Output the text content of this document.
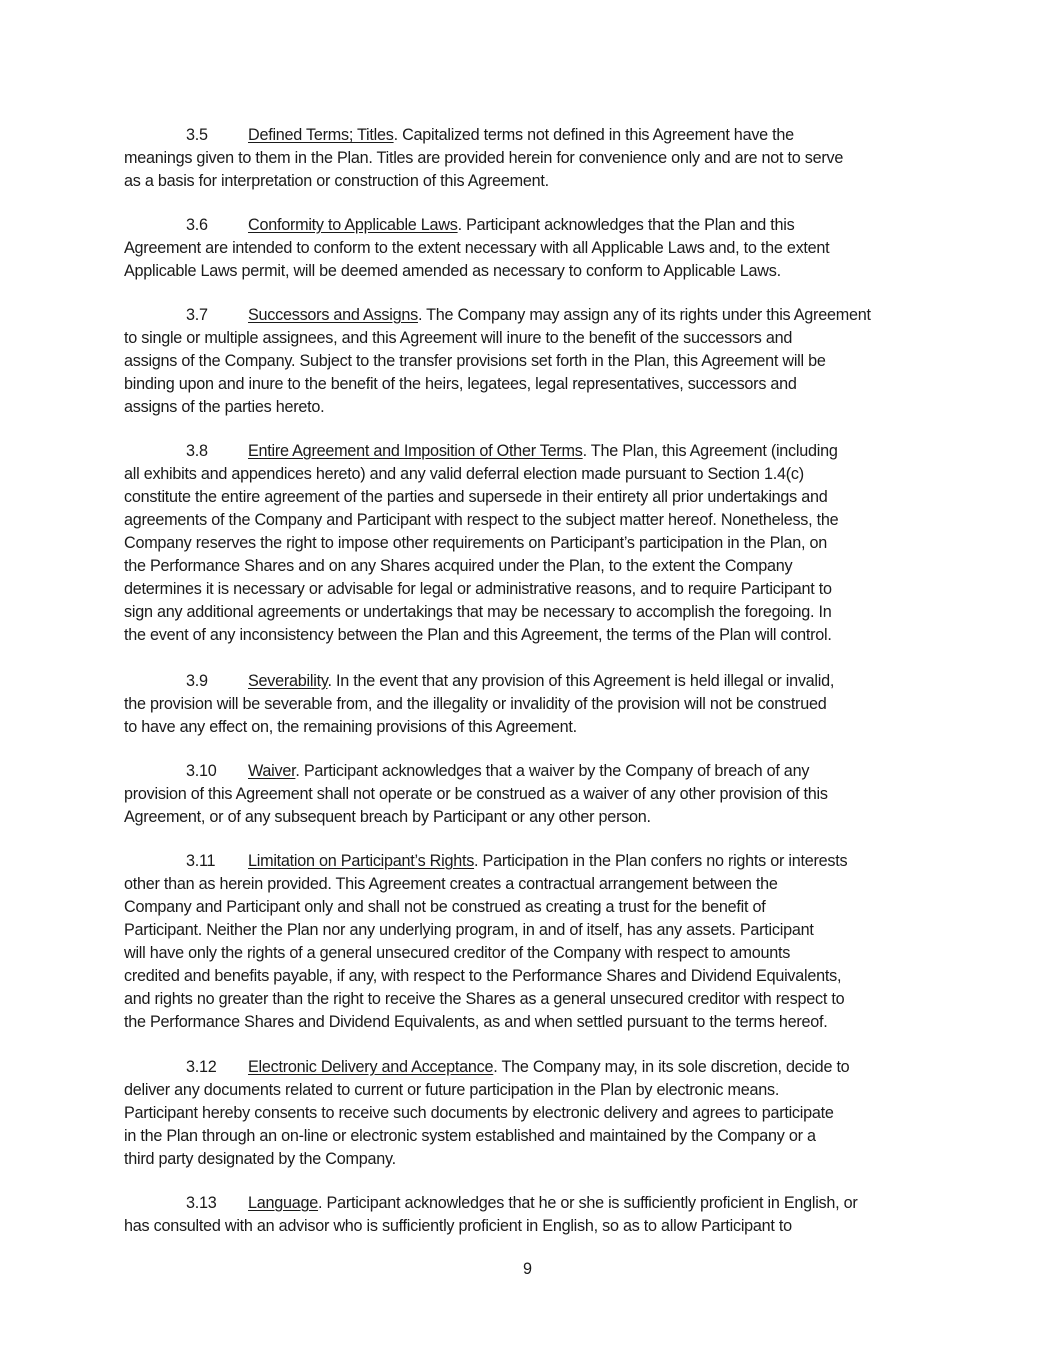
3.5 Defined Terms; Titles. Capitalized terms not defined in this Agreement have the
meanings given to them in the Plan. Titles are provided herein for convenience only and are not to serve
as a basis for interpretation or construction of this Agreement.
3.6 Conformity to Applicable Laws. Participant acknowledges that the Plan and this
Agreement are intended to conform to the extent necessary with all Applicable Laws and, to the extent
Applicable Laws permit, will be deemed amended as necessary to conform to Applicable Laws.
3.7 Successors and Assigns. The Company may assign any of its rights under this Agreement
to single or multiple assignees, and this Agreement will inure to the benefit of the successors and
assigns of the Company. Subject to the transfer provisions set forth in the Plan, this Agreement will be
binding upon and inure to the benefit of the heirs, legatees, legal representatives, successors and
assigns of the parties hereto.
3.8 Entire Agreement and Imposition of Other Terms. The Plan, this Agreement (including
all exhibits and appendices hereto) and any valid deferral election made pursuant to Section 1.4(c)
constitute the entire agreement of the parties and supersede in their entirety all prior undertakings and
agreements of the Company and Participant with respect to the subject matter hereof. Nonetheless, the
Company reserves the right to impose other requirements on Participant’s participation in the Plan, on
the Performance Shares and on any Shares acquired under the Plan, to the extent the Company
determines it is necessary or advisable for legal or administrative reasons, and to require Participant to
sign any additional agreements or undertakings that may be necessary to accomplish the foregoing. In
the event of any inconsistency between the Plan and this Agreement, the terms of the Plan will control.
3.9 Severability. In the event that any provision of this Agreement is held illegal or invalid,
the provision will be severable from, and the illegality or invalidity of the provision will not be construed
to have any effect on, the remaining provisions of this Agreement.
3.10 Waiver. Participant acknowledges that a waiver by the Company of breach of any
provision of this Agreement shall not operate or be construed as a waiver of any other provision of this
Agreement, or of any subsequent breach by Participant or any other person.
3.11 Limitation on Participant’s Rights. Participation in the Plan confers no rights or interests
other than as herein provided. This Agreement creates a contractual arrangement between the
Company and Participant only and shall not be construed as creating a trust for the benefit of
Participant. Neither the Plan nor any underlying program, in and of itself, has any assets. Participant
will have only the rights of a general unsecured creditor of the Company with respect to amounts
credited and benefits payable, if any, with respect to the Performance Shares and Dividend Equivalents,
and rights no greater than the right to receive the Shares as a general unsecured creditor with respect to
the Performance Shares and Dividend Equivalents, as and when settled pursuant to the terms hereof.
3.12 Electronic Delivery and Acceptance. The Company may, in its sole discretion, decide to
deliver any documents related to current or future participation in the Plan by electronic means.
Participant hereby consents to receive such documents by electronic delivery and agrees to participate
in the Plan through an on-line or electronic system established and maintained by the Company or a
third party designated by the Company.
3.13 Language. Participant acknowledges that he or she is sufficiently proficient in English, or
has consulted with an advisor who is sufficiently proficient in English, so as to allow Participant to
9
